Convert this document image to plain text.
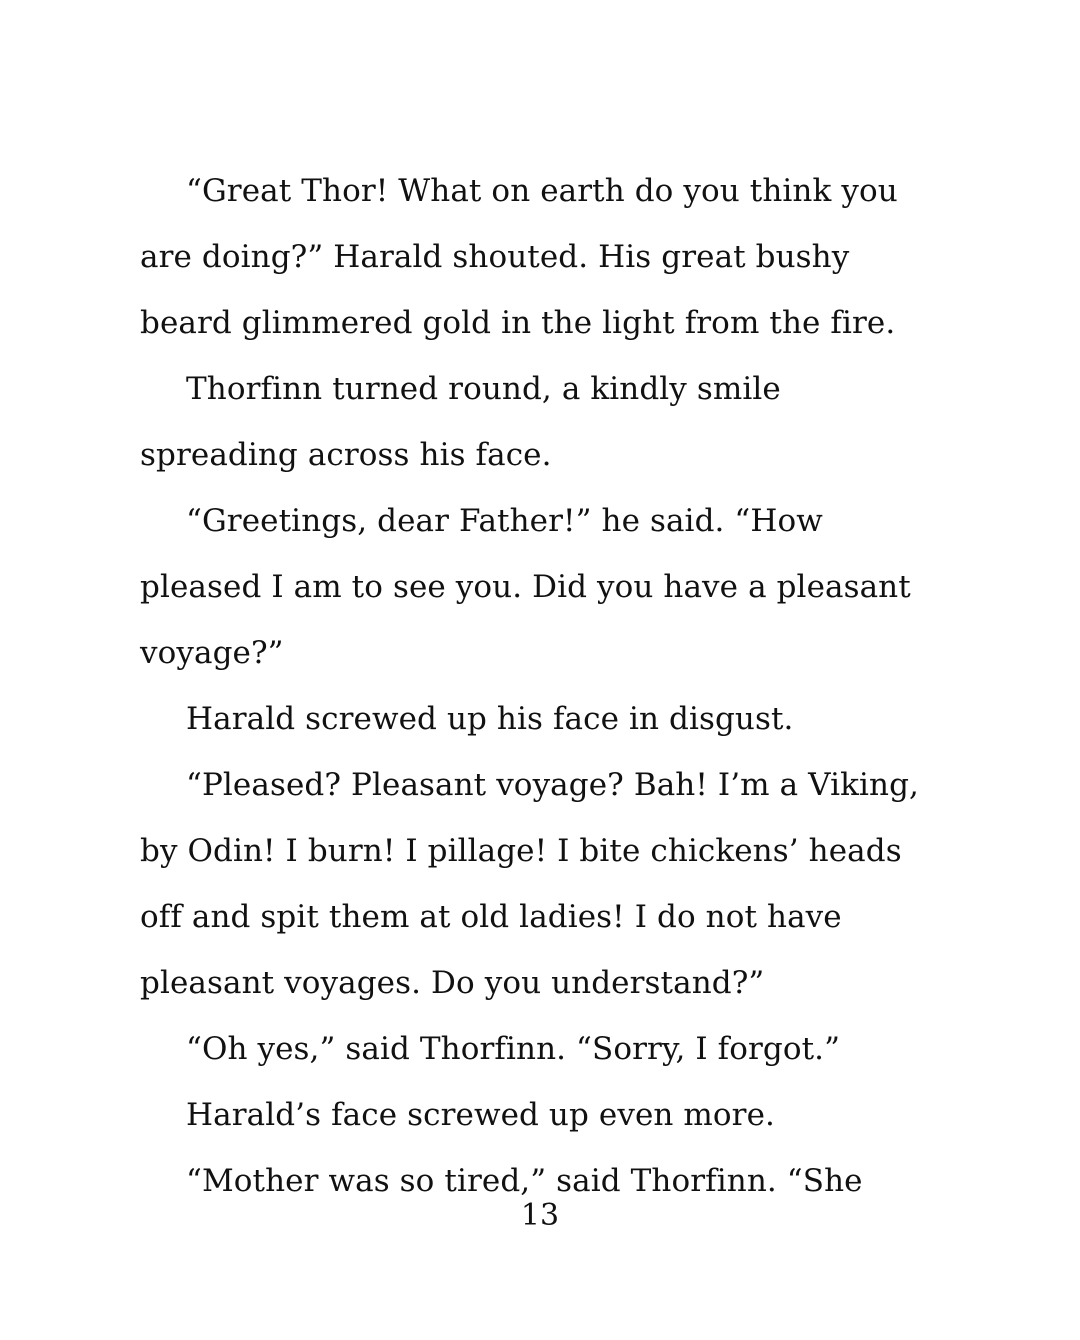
“Great Thor! What on earth do you think you are doing?” Harald shouted. His great bushy beard glimmered gold in the light from the fire.

Thorfinn turned round, a kindly smile spreading across his face.

“Greetings, dear Father!” he said. “How pleased I am to see you. Did you have a pleasant voyage?”

Harald screwed up his face in disgust.

“Pleased? Pleasant voyage? Bah! I’m a Viking, by Odin! I burn! I pillage! I bite chickens’ heads off and spit them at old ladies! I do not have pleasant voyages. Do you understand?”

“Oh yes,” said Thorfinn. “Sorry, I forgot.”

Harald’s face screwed up even more.

“Mother was so tired,” said Thorfinn. “She

13
